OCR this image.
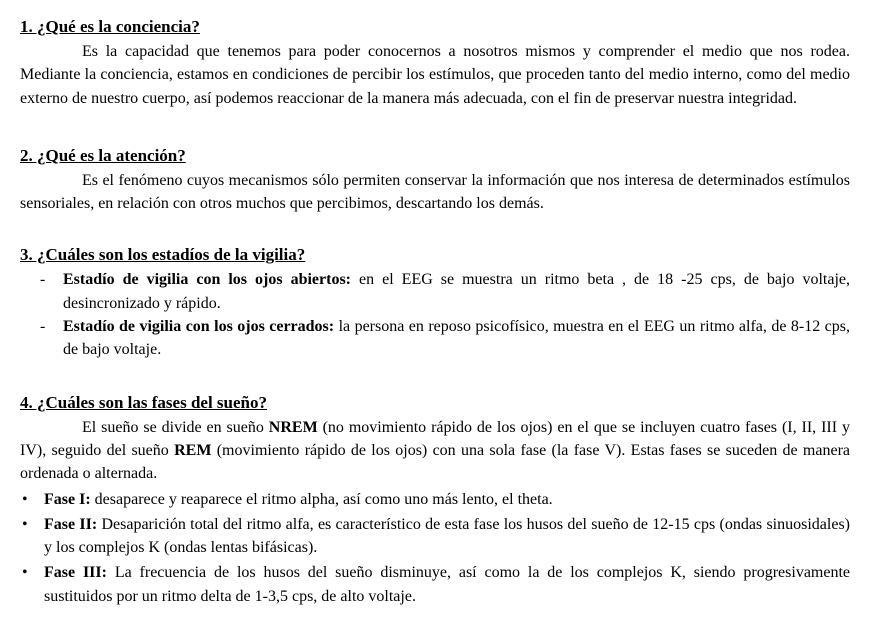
1. ¿Qué es la conciencia?

Es la capacidad que tenemos para poder conocernos a nosotros mismos y comprender el medio que nos rodea. Mediante la conciencia, estamos en condiciones de percibir los estímulos, que proceden tanto del medio interno, como del medio externo de nuestro cuerpo, así podemos reaccionar de la manera más adecuada, con el fin de preservar nuestra integridad.

2. ¿Qué es la atención?

Es el fenómeno cuyos mecanismos sólo permiten conservar la información que nos interesa de determinados estímulos sensoriales, en relación con otros muchos que percibimos, descartando los demás.

3. ¿Cuáles son los estadíos de la vigilia?
- Estadío de vigilia con los ojos abiertos: en el EEG se muestra un ritmo beta , de 18 -25 cps, de bajo voltaje, desincronizado y rápido.
- Estadío de vigilia con los ojos cerrados: la persona en reposo psicofísico, muestra en el EEG un ritmo alfa, de 8-12 cps, de bajo voltaje.
4. ¿Cuáles son las fases del sueño?

El sueño se divide en sueño NREM (no movimiento rápido de los ojos) en el que se incluyen cuatro fases (I, II, III y IV), seguido del sueño REM (movimiento rápido de los ojos) con una sola fase (la fase V). Estas fases se suceden de manera ordenada o alternada.

• Fase I: desaparece y reaparece el ritmo alpha, así como uno más lento, el theta.
• Fase II: Desaparición total del ritmo alfa, es característico de esta fase los husos del sueño de 12-15 cps (ondas sinuosidales) y los complejos K (ondas lentas bifásicas).
• Fase III: La frecuencia de los husos del sueño disminuye, así como la de los complejos K, siendo progresivamente sustituidos por un ritmo delta de 1-3,5 cps, de alto voltaje.
